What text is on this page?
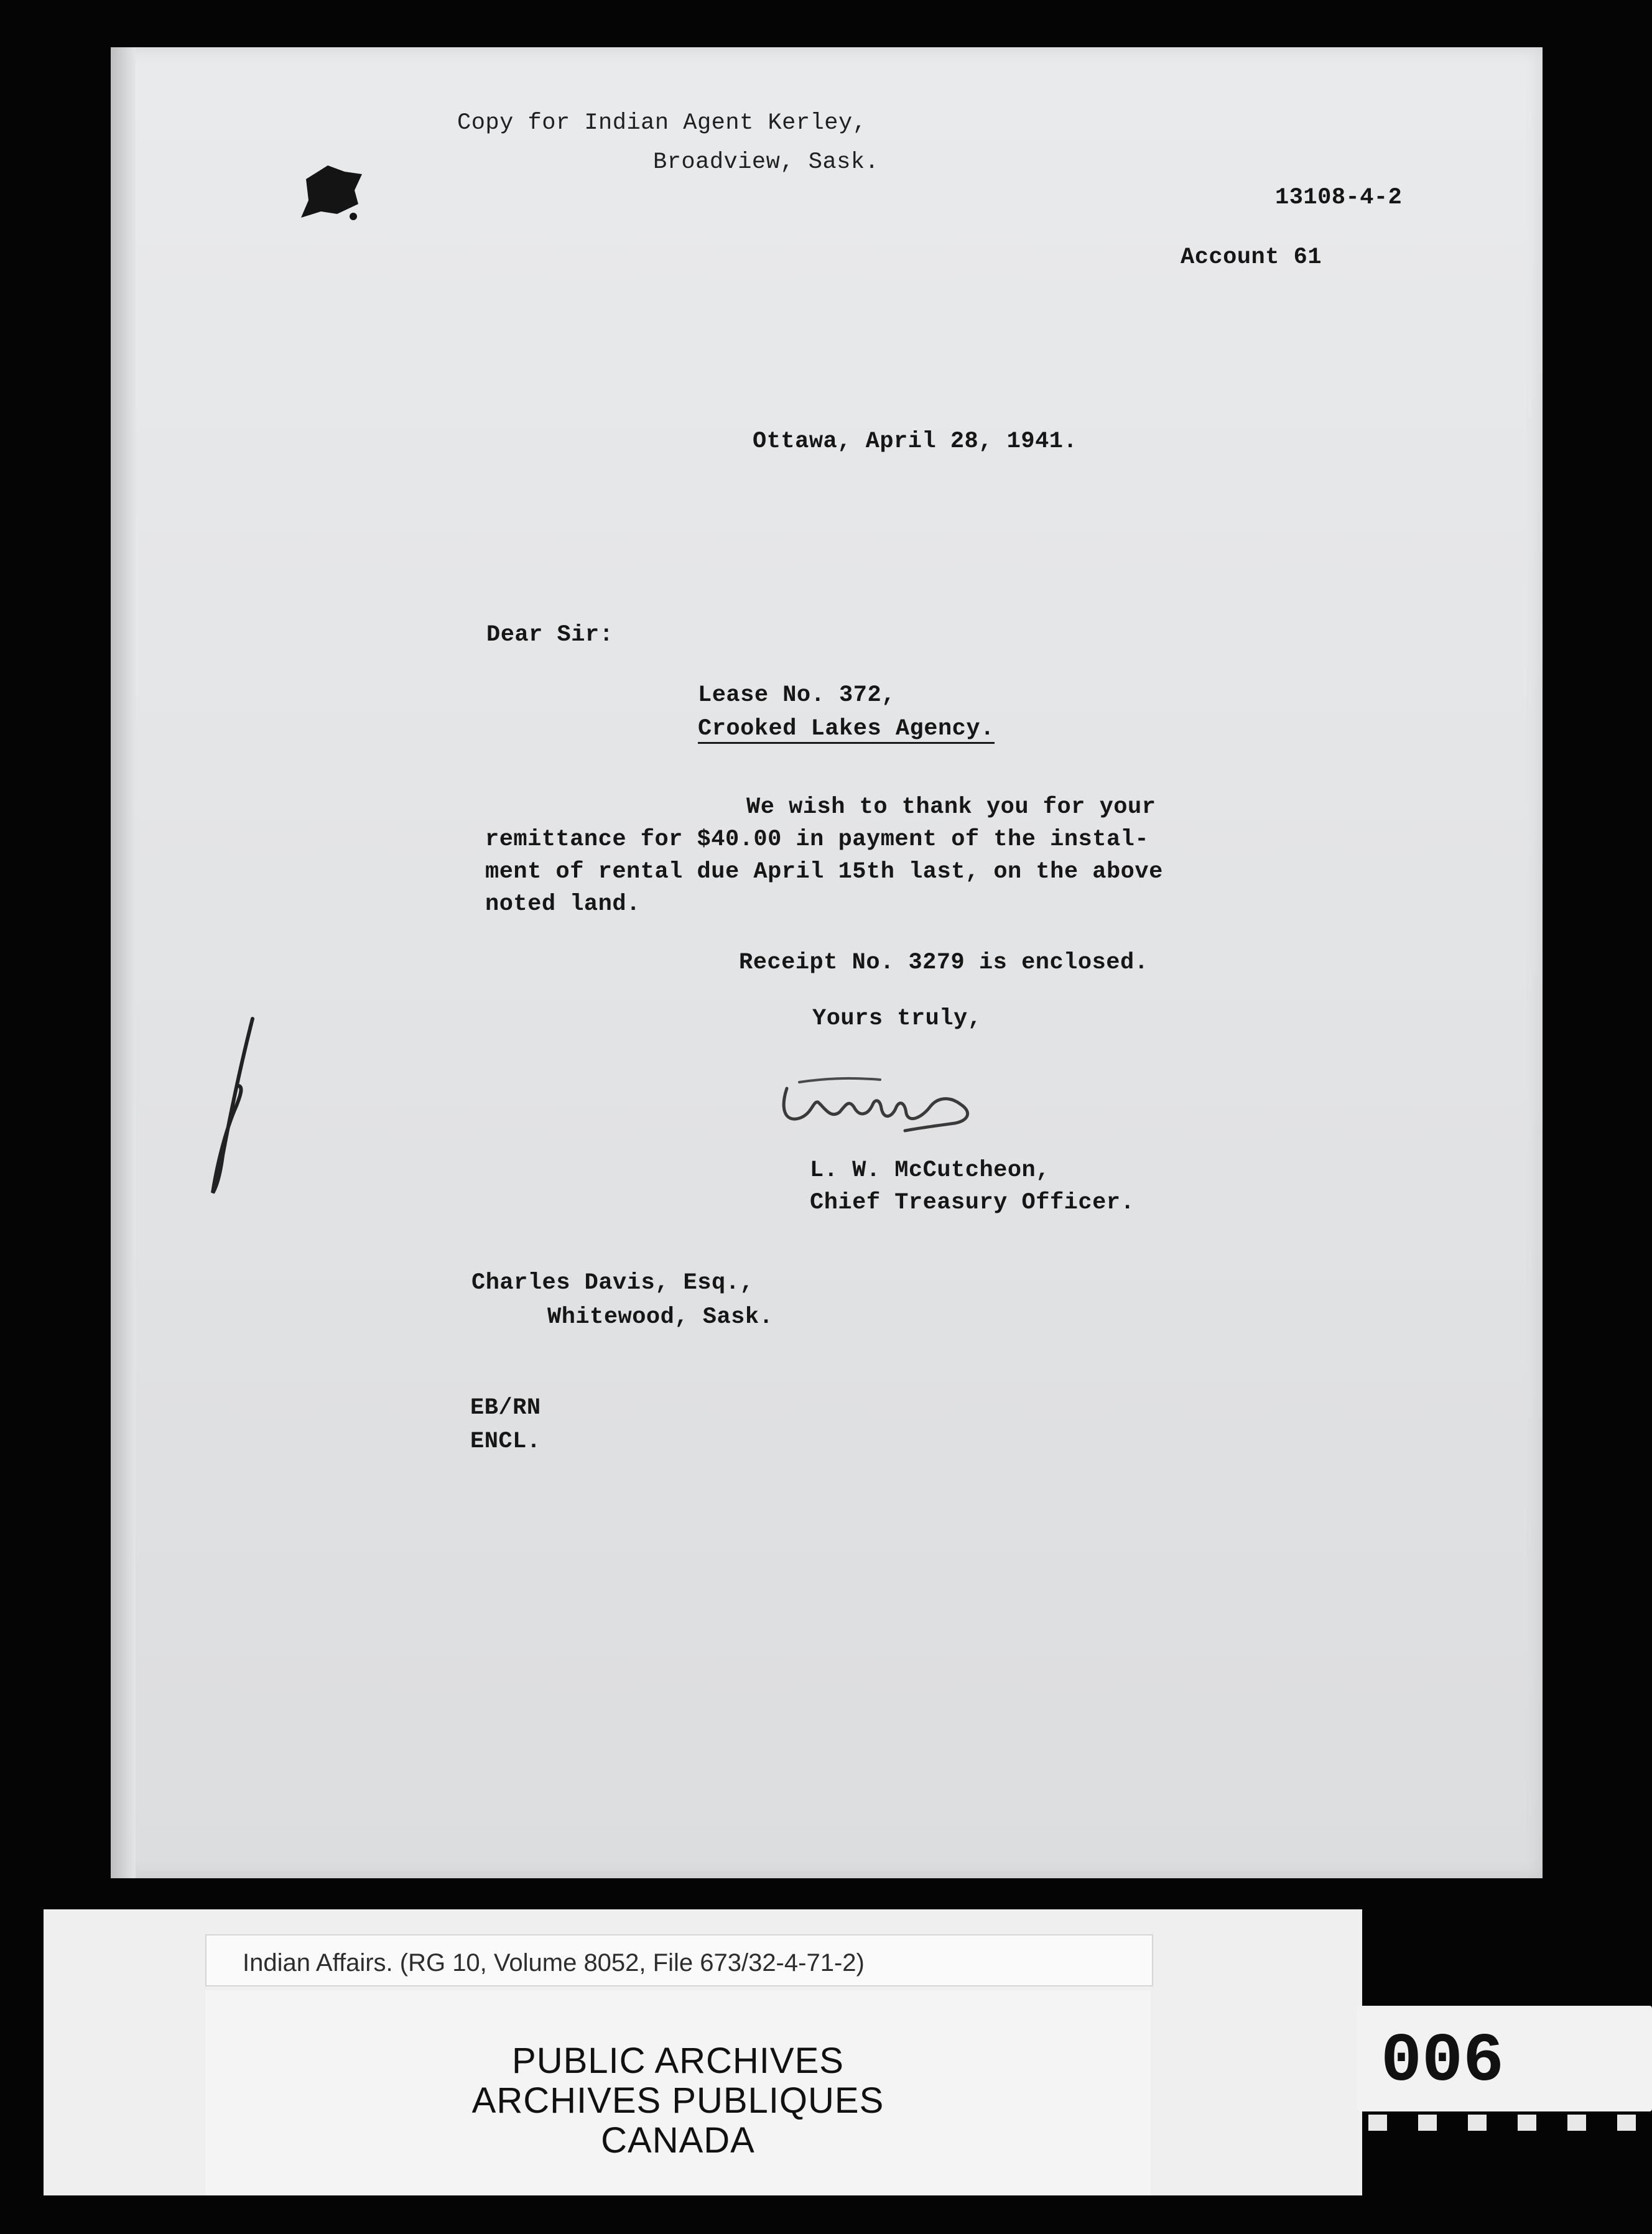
Copy for Indian Agent Kerley,
Broadview, Sask.
13108-4-2
Account 61
Ottawa, April 28, 1941.
Dear Sir:
Lease No. 372,
Crooked Lakes Agency.
We wish to thank you for your
remittance for $40.00 in payment of the instal-
ment of rental due April 15th last, on the above
noted land.
Receipt No. 3279 is enclosed.
Yours truly,
L. W. McCutcheon,
Chief Treasury Officer.
Charles Davis, Esq.,
Whitewood, Sask.
EB/RN
ENCL.
Indian Affairs. (RG 10, Volume 8052, File 673/32-4-71-2)
PUBLIC ARCHIVES
ARCHIVES PUBLIQUES
CANADA
006
